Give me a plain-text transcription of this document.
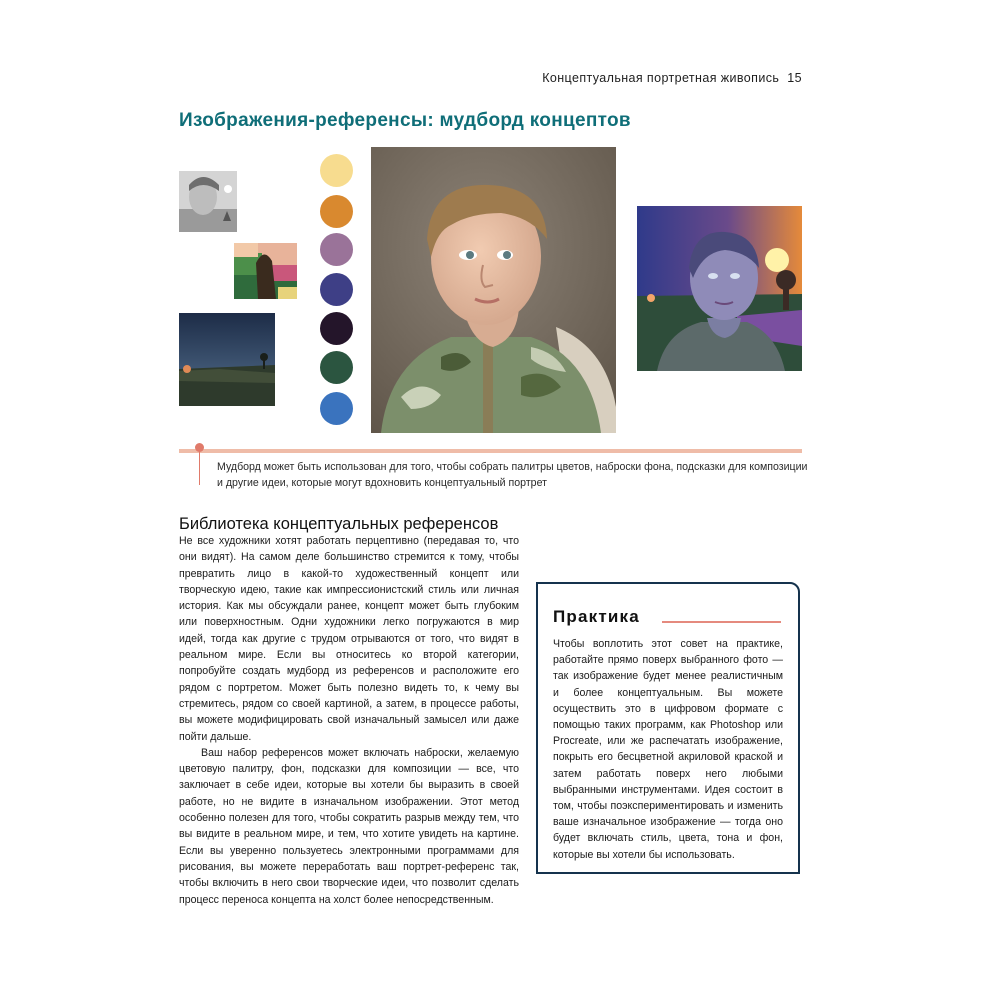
Концептуальная портретная живопись 15
Изображения-референсы: мудборд концептов
Мудборд может быть использован для того, чтобы собрать палитры цветов, наброски фона, подсказки для композиции и другие идеи, которые могут вдохновить концептуальный портрет
Библиотека концептуальных референсов

Не все художники хотят работать перцептивно (передавая то, что они видят). На самом деле большинство стремится к тому, чтобы превратить лицо в какой-то художественный концепт или творческую идею, такие как импрессионистский стиль или личная история. Как мы обсуждали ранее, концепт может быть глубоким или поверхностным. Одни художники легко погружаются в мир идей, тогда как другие с трудом отрываются от того, что видят в реальном мире. Если вы относитесь ко второй категории, попробуйте создать мудборд из референсов и расположите его рядом с портретом. Может быть полезно видеть то, к чему вы стремитесь, рядом со своей картиной, а затем, в процессе работы, вы можете модифицировать свой изначальный замысел или даже пойти дальше.

Ваш набор референсов может включать наброски, желаемую цветовую палитру, фон, подсказки для композиции — все, что заключает в себе идеи, которые вы хотели бы выразить в своей работе, но не видите в изначальном изображении. Этот метод особенно полезен для того, чтобы сократить разрыв между тем, что вы видите в реальном мире, и тем, что хотите увидеть на картине. Если вы уверенно пользуетесь электронными программами для рисования, вы можете переработать ваш портрет-референс так, чтобы включить в него свои творческие идеи, что позволит сделать процесс переноса концепта на холст более непосредственным.

Практика
Чтобы воплотить этот совет на практике, работайте прямо поверх выбранного фото — так изображение будет менее реалистичным и более концептуальным. Вы можете осуществить это в цифровом формате с помощью таких программ, как Photoshop или Procreate, или же распечатать изображение, покрыть его бесцветной акриловой краской и затем работать поверх него любыми выбранными инструментами. Идея состоит в том, чтобы поэкспериментировать и изменить ваше изначальное изображение — тогда оно будет включать стиль, цвета, тона и фон, которые вы хотели бы использовать.
